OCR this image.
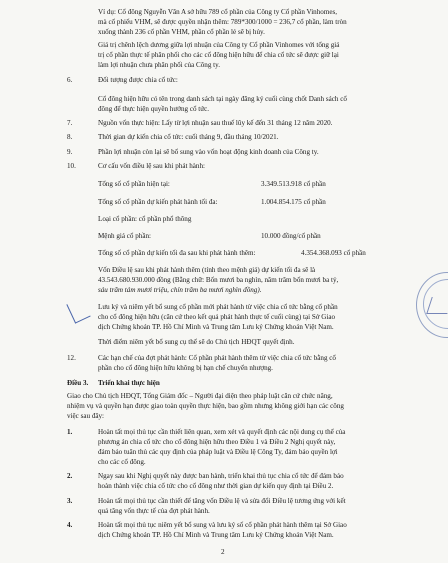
Ví dụ: Cổ đông Nguyễn Văn A sở hữu 789 cổ phần của Công ty Cổ phần Vinhomes,
mà cổ phiếu VHM, sẽ được quyền nhận thêm: 789*300/1000 = 236,7 cổ phần, làm tròn
xuống thành 236 cổ phần VHM, phần cổ phần lẻ sẽ bị hủy.
Giá trị chênh lệch dương giữa lợi nhuận của Công ty Cổ phần Vinhomes với tổng giá
trị cổ phần thực tế phân phối cho các cổ đông hiện hữu để chia cổ tức sẽ được giữ lại
làm lợi nhuận chưa phân phối của Công ty.
6.	Đối tượng được chia cổ tức:
Cổ đông hiện hữu có tên trong danh sách tại ngày đăng ký cuối cùng chốt Danh sách cổ
đông để thực hiện quyền hưởng cổ tức.
7.	Nguồn vốn thực hiện: Lấy từ lợi nhuận sau thuế lũy kế đến 31 tháng 12 năm 2020.
8.	Thời gian dự kiến chia cổ tức: cuối tháng 9, đầu tháng 10/2021.
9.	Phần lợi nhuận còn lại sẽ bổ sung vào vốn hoạt động kinh doanh của Công ty.
10.	Cơ cấu vốn điều lệ sau khi phát hành:
Tổng số cổ phần hiện tại:	3.349.513.918 cổ phần
Tổng số cổ phần dự kiến phát hành tối đa:	1.004.854.175 cổ phần
Loại cổ phần: cổ phần phổ thông
Mệnh giá cổ phần:	10.000 đồng/cổ phần
Tổng số cổ phần dự kiến tối đa sau khi phát hành thêm:	4.354.368.093 cổ phần
Vốn Điều lệ sau khi phát hành thêm (tính theo mệnh giá) dự kiến tối đa sẽ là
43.543.680.930.000 đồng (Bằng chữ: Bốn mươi ba nghìn, năm trăm bốn mươi ba tỷ,
sáu trăm tám mươi triệu, chín trăm ba mươi nghìn đồng).
Lưu ký và niêm yết bổ sung cổ phần mới phát hành từ việc chia cổ tức bằng cổ phần
cho cổ đông hiện hữu (căn cứ theo kết quả phát hành thực tế cuối cùng) tại Sở Giao
dịch Chứng khoán TP. Hồ Chí Minh và Trung tâm Lưu ký Chứng khoán Việt Nam.
Thời điểm niêm yết bổ sung cụ thể sẽ do Chủ tịch HĐQT quyết định.
12.	Các hạn chế của đợt phát hành: Cổ phần phát hành thêm từ việc chia cổ tức bằng cổ
phần cho cổ đông hiện hữu không bị hạn chế chuyển nhượng.
Điều 3. Triển khai thực hiện
Giao cho Chủ tịch HĐQT, Tổng Giám đốc – Người đại diện theo pháp luật căn cứ chức năng,
nhiệm vụ và quyền hạn được giao toàn quyền thực hiện, bao gồm nhưng không giới hạn các công
việc sau đây:
1.	Hoàn tất mọi thủ tục cần thiết liên quan, xem xét và quyết định các nội dung cụ thể của
phương án chia cổ tức cho cổ đông hiện hữu theo Điều 1 và Điều 2 Nghị quyết này,
đảm bảo tuân thủ các quy định của pháp luật và Điều lệ Công Ty, đảm bảo quyền lợi
cho các cổ đông.
2.	Ngay sau khi Nghị quyết này được ban hành, triển khai thủ tục chia cổ tức để đảm bảo
hoàn thành việc chia cổ tức cho cổ đông như thời gian dự kiến quy định tại Điều 2.
3.	Hoàn tất mọi thủ tục cần thiết để tăng vốn Điều lệ và sửa đổi Điều lệ tương ứng với kết
quả tăng vốn thực tế của đợt phát hành.
4.	Hoàn tất mọi thủ tục niêm yết bổ sung và lưu ký số cổ phần phát hành thêm tại Sở Giao
dịch Chứng khoán TP. Hồ Chí Minh và Trung tâm Lưu ký Chứng khoán Việt Nam.
2
